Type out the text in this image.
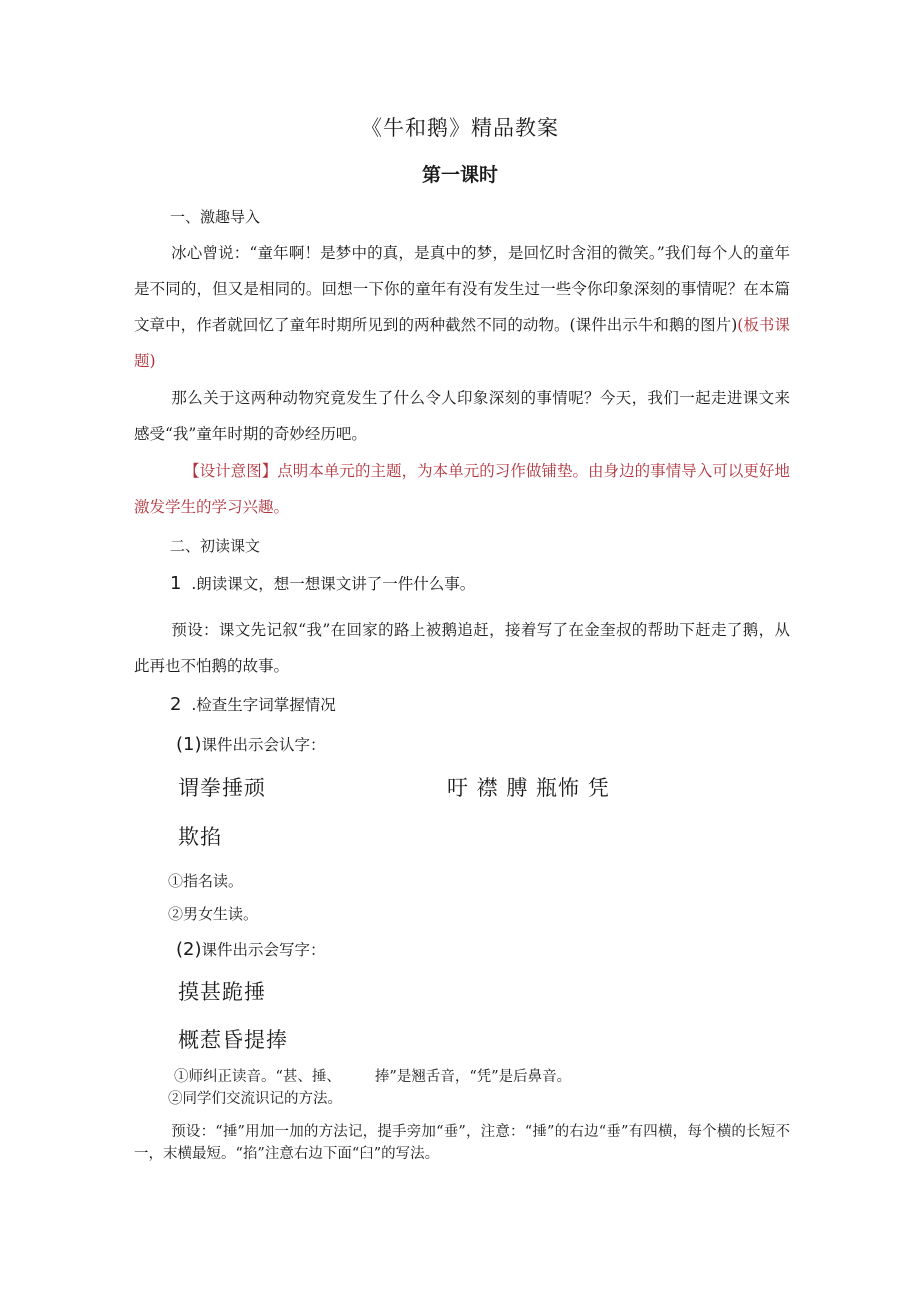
《牛和鹅》精品教案
第一课时
一、激趣导入
冰心曾说：“童年啊！是梦中的真，是真中的梦，是回忆时含泪的微笑。”我们每个人的童年是不同的，但又是相同的。回想一下你的童年有没有发生过一些令你印象深刻的事情呢？在本篇文章中，作者就回忆了童年时期所见到的两种截然不同的动物。(课件出示牛和鹅的图片)(板书课题)
那么关于这两种动物究竟发生了什么令人印象深刻的事情呢？今天，我们一起走进课文来感受“我”童年时期的奇妙经历吧。
【设计意图】点明本单元的主题，为本单元的习作做铺垫。由身边的事情导入可以更好地激发学生的学习兴趣。
二、初读课文
1 .朗读课文，想一想课文讲了一件什么事。
预设：课文先记叙“我”在回家的路上被鹅追赶，接着写了在金奎叔的帮助下赶走了鹅，从此再也不怕鹅的故事。
2 .检查生字词掌握情况
(1)课件出示会认字：
谓拳捶顽	吁 襟 膊 瓶怖 凭
欺掐
①指名读。
②男女生读。
(2)课件出示会写字：
摸甚跪捶
概惹昏提捧
①师纠正读音。“甚、捶、 捧”是翘舌音，“凭”是后鼻音。
②同学们交流识记的方法。
预设：“捶”用加一加的方法记，提手旁加“垂”，注意：“捶”的右边“垂”有四横，每个横的长短不一，末横最短。“掐”注意右边下面“臼”的写法。
